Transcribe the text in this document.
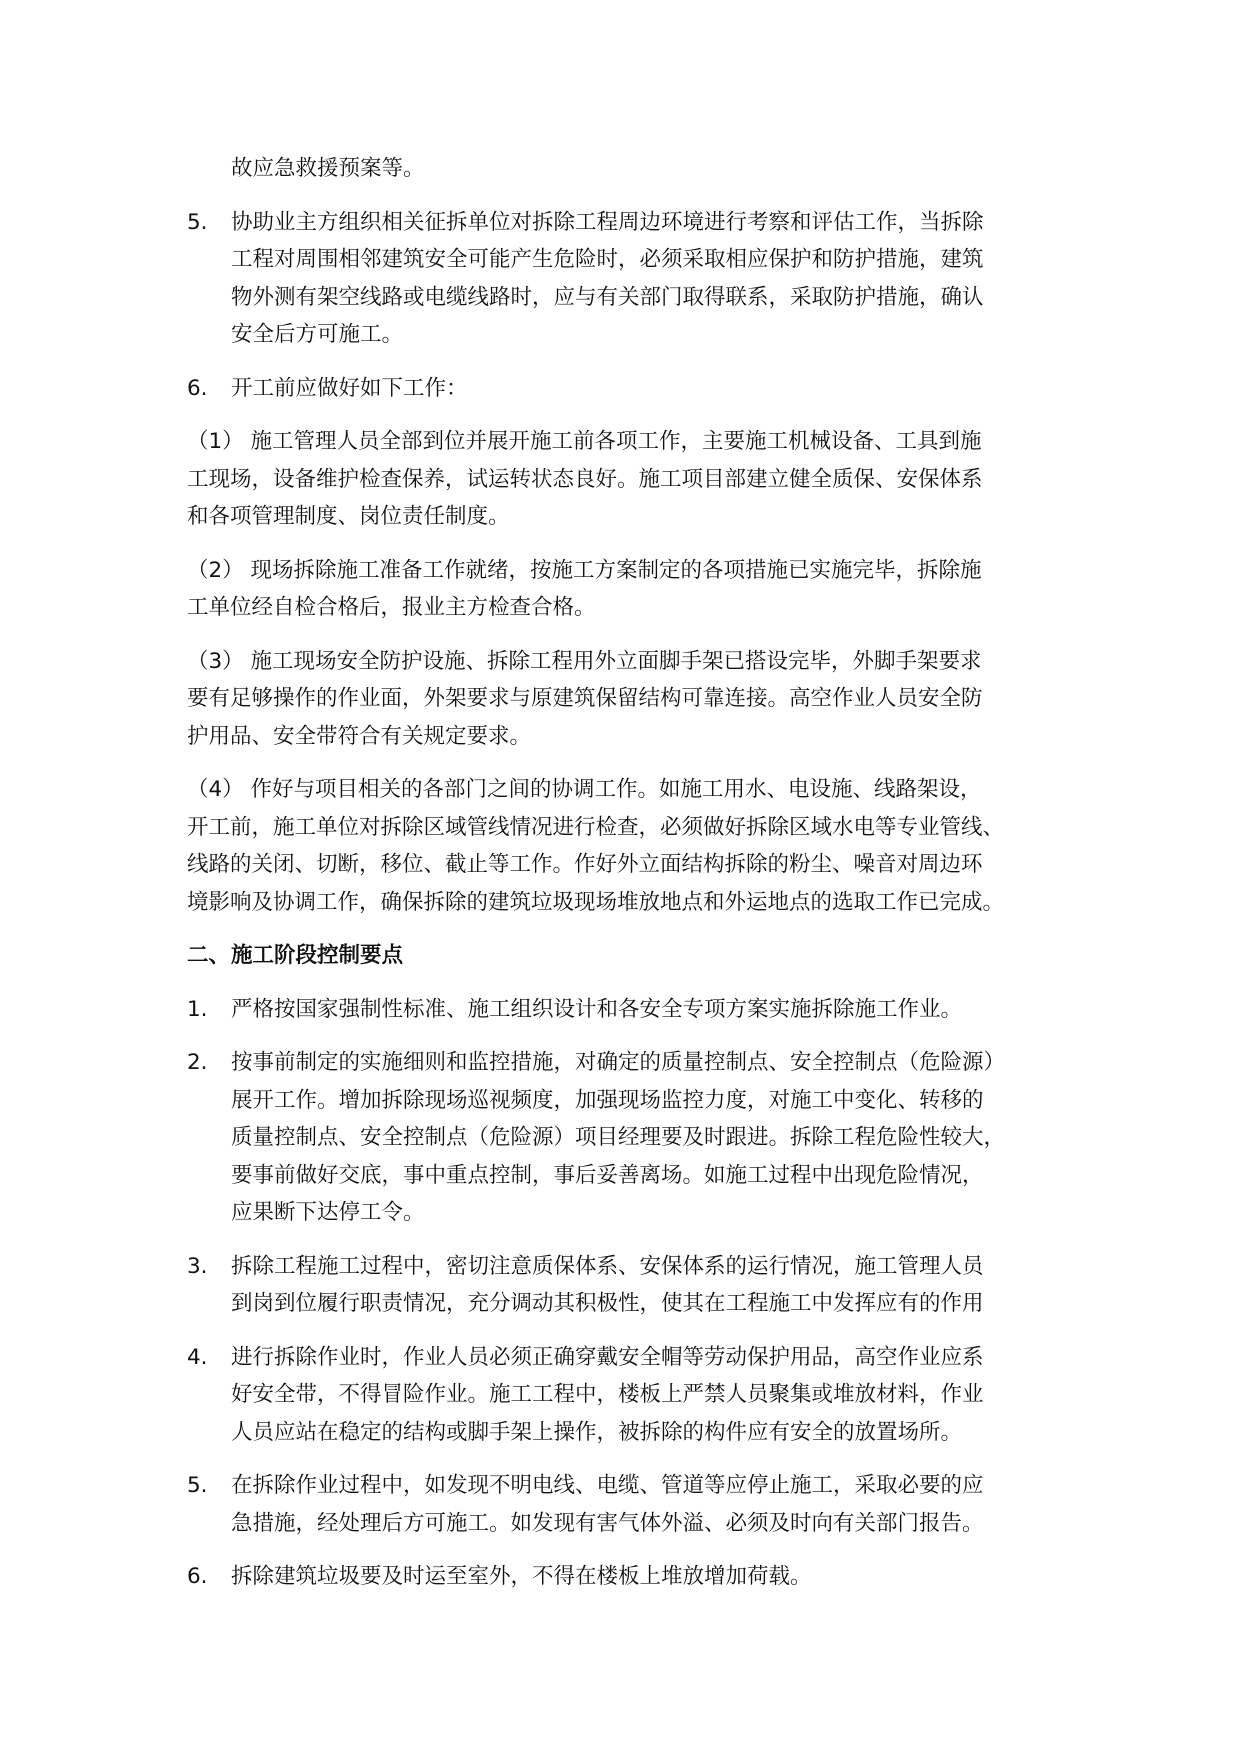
故应急救援预案等。
5.	协助业主方组织相关征拆单位对拆除工程周边环境进行考察和评估工作，当拆除
工程对周围相邻建筑安全可能产生危险时，必须采取相应保护和防护措施，建筑
物外测有架空线路或电缆线路时，应与有关部门取得联系，采取防护措施，确认
安全后方可施工。
6.	开工前应做好如下工作：
（1） 施工管理人员全部到位并展开施工前各项工作，主要施工机械设备、工具到施
工现场，设备维护检查保养，试运转状态良好。施工项目部建立健全质保、安保体系
和各项管理制度、岗位责任制度。
（2） 现场拆除施工准备工作就绪，按施工方案制定的各项措施已实施完毕，拆除施
工单位经自检合格后，报业主方检查合格。
（3） 施工现场安全防护设施、拆除工程用外立面脚手架已搭设完毕，外脚手架要求
要有足够操作的作业面，外架要求与原建筑保留结构可靠连接。高空作业人员安全防
护用品、安全带符合有关规定要求。
（4） 作好与项目相关的各部门之间的协调工作。如施工用水、电设施、线路架设，
开工前，施工单位对拆除区域管线情况进行检查，必须做好拆除区域水电等专业管线、
线路的关闭、切断，移位、截止等工作。作好外立面结构拆除的粉尘、噪音对周边环
境影响及协调工作，确保拆除的建筑垃圾现场堆放地点和外运地点的选取工作已完成。
二、 施工阶段控制要点
1.	严格按国家强制性标准、施工组织设计和各安全专项方案实施拆除施工作业。
2.	按事前制定的实施细则和监控措施，对确定的质量控制点、安全控制点（危险源）
展开工作。增加拆除现场巡视频度，加强现场监控力度，对施工中变化、转移的
质量控制点、安全控制点（危险源）项目经理要及时跟进。拆除工程危险性较大，
要事前做好交底，事中重点控制，事后妥善离场。如施工过程中出现危险情况，
应果断下达停工令。
3.	拆除工程施工过程中，密切注意质保体系、安保体系的运行情况，施工管理人员
到岗到位履行职责情况，充分调动其积极性，使其在工程施工中发挥应有的作用
4.	进行拆除作业时，作业人员必须正确穿戴安全帽等劳动保护用品，高空作业应系
好安全带，不得冒险作业。施工工程中，楼板上严禁人员聚集或堆放材料，作业
人员应站在稳定的结构或脚手架上操作，被拆除的构件应有安全的放置场所。
5.	在拆除作业过程中，如发现不明电线、电缆、管道等应停止施工，采取必要的应
急措施，经处理后方可施工。如发现有害气体外溢、必须及时向有关部门报告。
6.	拆除建筑垃圾要及时运至室外，不得在楼板上堆放增加荷载。
